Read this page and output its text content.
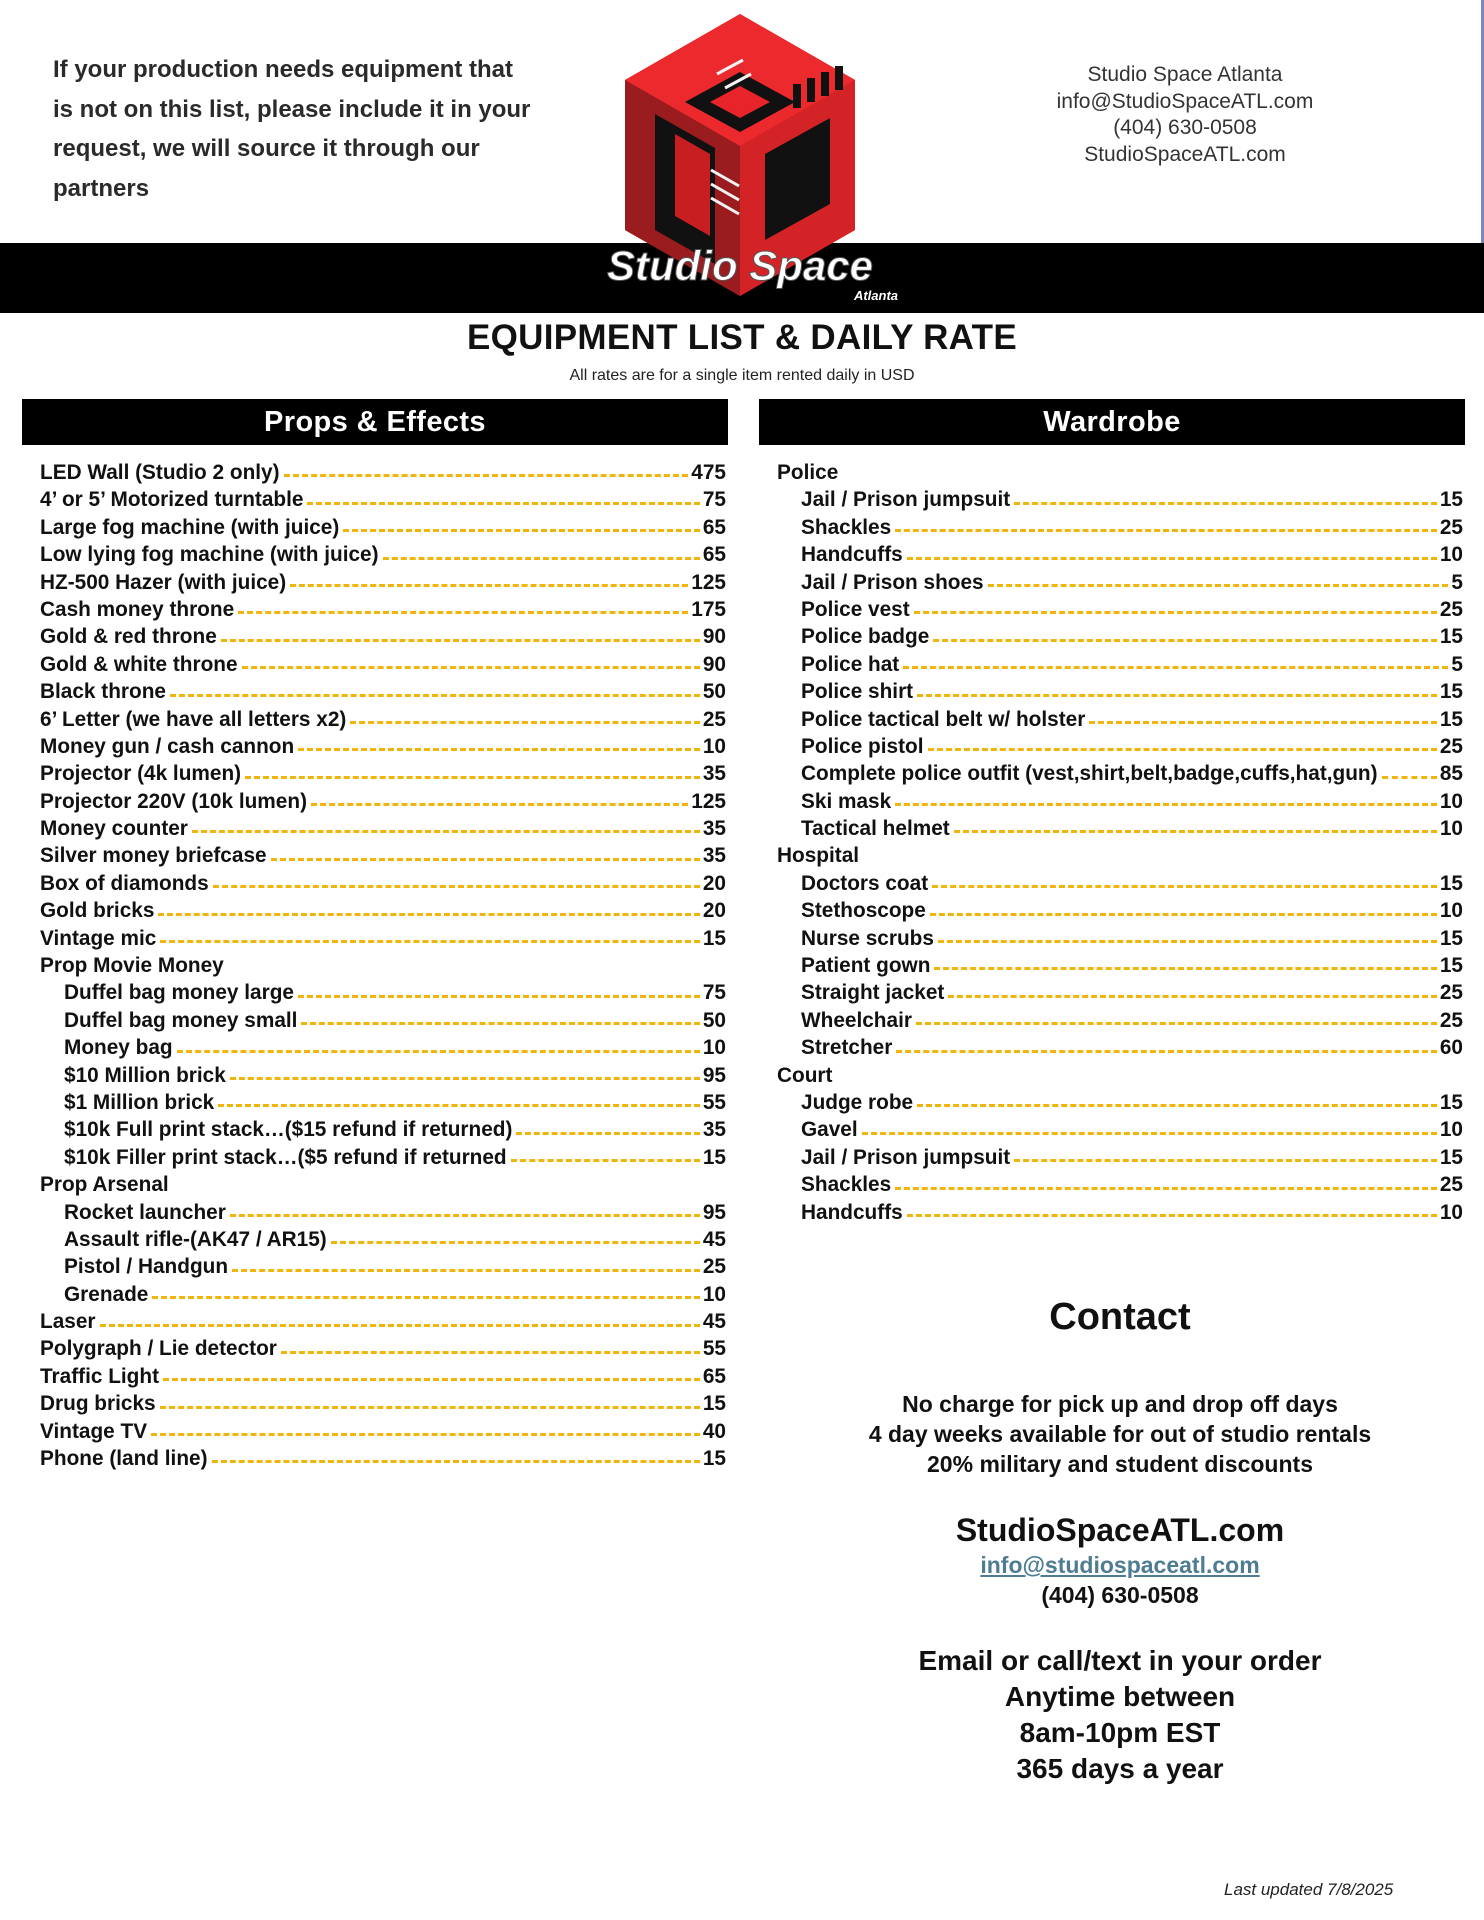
If your production needs equipment that

is not on this list, please include it in your

request, we will source it through our

partners

Studio Space Atlanta
info@StudioSpaceATL.com
(404) 630-0508
StudioSpaceATL.com
Studio Space
Atlanta
EQUIPMENT LIST & DAILY RATE
All rates are for a single item rented daily in USD
Props & Effects	Wardrobe
LED Wall (Studio 2 only)	475
4’ or 5’ Motorized turntable	75
Large fog machine (with juice)	65
Low lying fog machine (with juice)	65
HZ-500 Hazer (with juice)	125
Cash money throne	175
Gold & red throne	90
Gold & white throne	90
Black throne	50
6’ Letter (we have all letters x2)	25
Money gun / cash cannon	10
Projector (4k lumen)	35
Projector 220V (10k lumen)	125
Money counter	35
Silver money briefcase	35
Box of diamonds	20
Gold bricks	20
Vintage mic	15
Prop Movie Money
Duffel bag money large	75
Duffel bag money small	50
Money bag	10
$10 Million brick	95
$1 Million brick	55
$10k Full print stack…($15 refund if returned)	35
$10k Filler print stack…($5 refund if returned	15
Prop Arsenal
Rocket launcher	95
Assault rifle-(AK47 / AR15)	45
Pistol / Handgun	25
Grenade	10
Laser	45
Polygraph / Lie detector	55
Traffic Light	65
Drug bricks	15
Vintage TV	40
Phone (land line)	15
Police
Jail / Prison jumpsuit	15
Shackles	25
Handcuffs	10
Jail / Prison shoes	5
Police vest	25
Police badge	15
Police hat	5
Police shirt	15
Police tactical belt w/ holster	15
Police pistol	25
Complete police outfit (vest,shirt,belt,badge,cuffs,hat,gun)	85
Ski mask	10
Tactical helmet	10
Hospital
Doctors coat	15
Stethoscope	10
Nurse scrubs	15
Patient gown	15
Straight jacket	25
Wheelchair	25
Stretcher	60
Court
Judge robe	15
Gavel	10
Jail / Prison jumpsuit	15
Shackles	25
Handcuffs	10
Contact
No charge for pick up and drop off days
4 day weeks available for out of studio rentals
20% military and student discounts
StudioSpaceATL.com
info@studiospaceatl.com
(404) 630-0508
Email or call/text in your order
Anytime between
8am-10pm EST
365 days a year
Last updated 7/8/2025
